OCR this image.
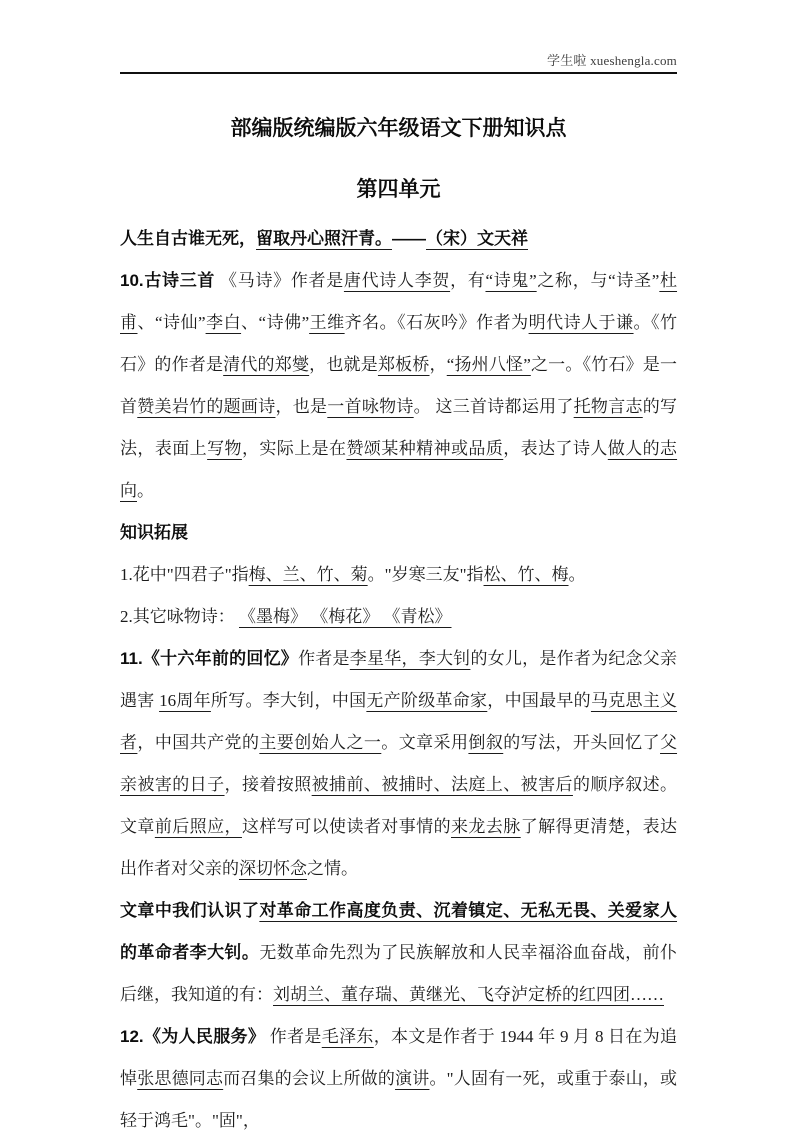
学生啦 xueshengla.com
部编版统编版六年级语文下册知识点
第四单元

人生自古谁无死，留取丹心照汗青。——（宋）文天祥

10.古诗三首 《马诗》作者是唐代诗人李贺，有“诗鬼”之称，与“诗圣”杜甫、“诗仙”李白、“诗佛”王维齐名。《石灰吟》作者为明代诗人于谦。《竹石》的作者是清代的郑燮，也就是郑板桥，“扬州八怪”之一。《竹石》是一首赞美岩竹的题画诗，也是一首咏物诗。 这三首诗都运用了托物言志的写法，表面上写物，实际上是在赞颂某种精神或品质，表达了诗人做人的志向。

知识拓展

1.花中"四君子"指梅、兰、竹、菊。"岁寒三友"指松、竹、梅。

2.其它咏物诗： 《墨梅》 《梅花》 《青松》

11.《十六年前的回忆》作者是李星华，李大钊的女儿，是作者为纪念父亲遇害 16周年所写。李大钊，中国无产阶级革命家，中国最早的马克思主义者，中国共产党的主要创始人之一。文章采用倒叙的写法，开头回忆了父亲被害的日子，接着按照被捕前、被捕时、法庭上、被害后的顺序叙述。文章前后照应，这样写可以使读者对事情的来龙去脉了解得更清楚，表达出作者对父亲的深切怀念之情。

文章中我们认识了对革命工作高度负责、沉着镇定、无私无畏、关爱家人的革命者李大钊。无数革命先烈为了民族解放和人民幸福浴血奋战，前仆后继，我知道的有：刘胡兰、董存瑞、黄继光、飞夺泸定桥的红四团……

12.《为人民服务》 作者是毛泽东，本文是作者于 1944 年 9 月 8 日在为追悼张思德同志而召集的会议上所做的演讲。"人固有一死，或重于泰山，或轻于鸿毛"。"固"，
